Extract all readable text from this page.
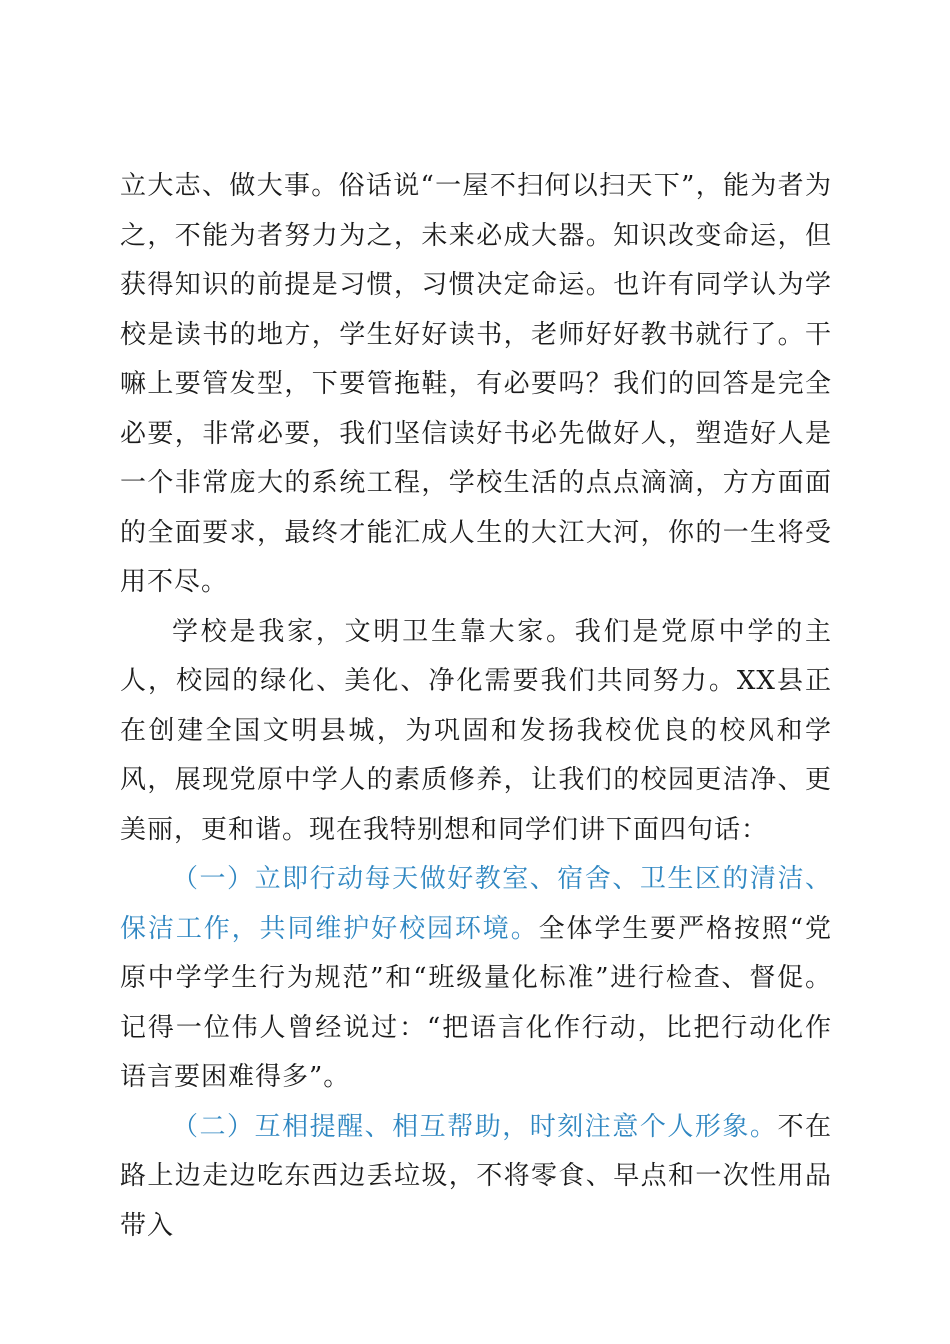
立大志、做大事。俗话说“一屋不扫何以扫天下”，能为者为之，不能为者努力为之，未来必成大器。知识改变命运，但获得知识的前提是习惯，习惯决定命运。也许有同学认为学校是读书的地方，学生好好读书，老师好好教书就行了。干嘛上要管发型，下要管拖鞋，有必要吗？我们的回答是完全必要，非常必要，我们坚信读好书必先做好人，塑造好人是一个非常庞大的系统工程，学校生活的点点滴滴，方方面面的全面要求，最终才能汇成人生的大江大河，你的一生将受用不尽。

学校是我家，文明卫生靠大家。我们是党原中学的主人，校园的绿化、美化、净化需要我们共同努力。XX县正在创建全国文明县城，为巩固和发扬我校优良的校风和学风，展现党原中学人的素质修养，让我们的校园更洁净、更美丽，更和谐。现在我特别想和同学们讲下面四句话：

（一）立即行动每天做好教室、宿舍、卫生区的清洁、保洁工作，共同维护好校园环境。全体学生要严格按照“党原中学学生行为规范”和“班级量化标准”进行检查、督促。记得一位伟人曾经说过：“把语言化作行动，比把行动化作语言要困难得多”。

（二）互相提醒、相互帮助，时刻注意个人形象。不在路上边走边吃东西边丢垃圾，不将零食、早点和一次性用品带入
